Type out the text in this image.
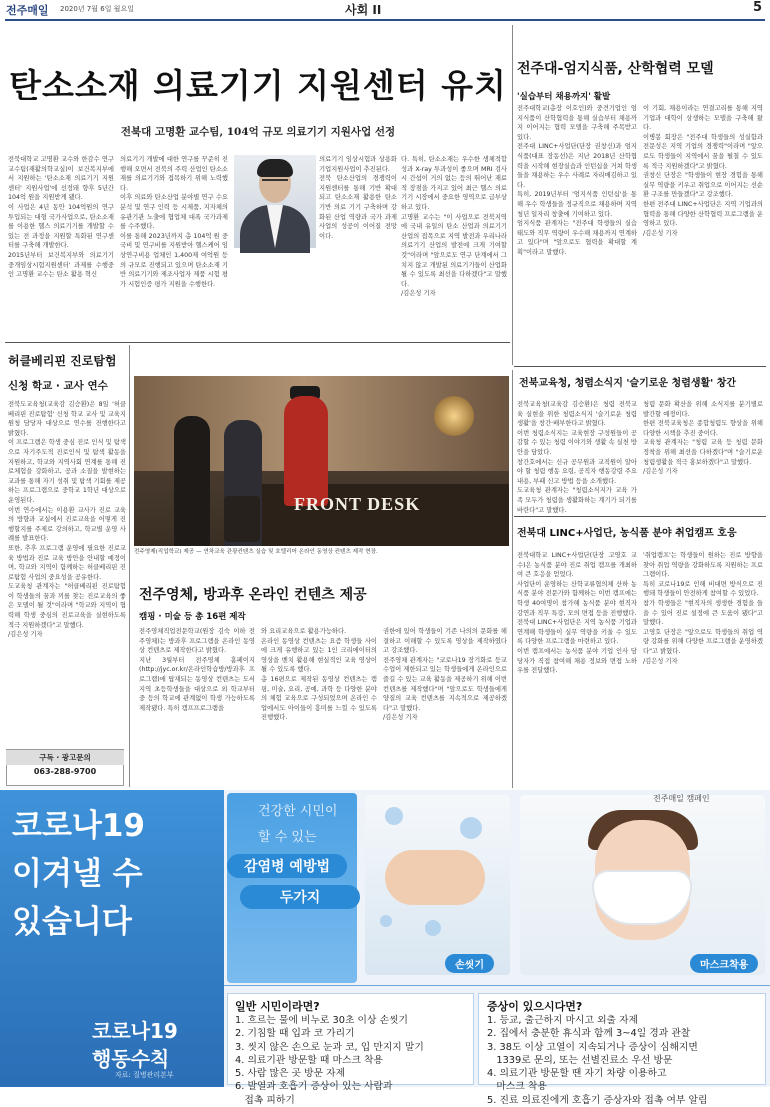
전주매일 2020년 7월 6일 월요일	사회 II	5
탄소소재 의료기기 지원센터 유치
전북대 고명환 교수팀, 104억 규모 의료기기 지원사업 선정
전북대학교 고명환 교수와 한감수 연구교수팀(재활의학교실)이 보건복지부에서 지원하는 '탄소소재 의료기기 지원센터' 지원사업'에 선정돼 향후 5년간 104억 원을 지원받게 됐다.
이 사업은 4년 동안 104억원의 연구 투입되는 대형 국가사업으로, 탄소소재를 이용한 헬스 의료기기를 개발할 수 있는 전 과정을 지원할 특화된 연구센터를 구축해 개발한다.
2015년부터 보건복지부와 의료기기 중개임상시험지원센터' 과제를 수행중인 고명환 교수는 탄소 활용 혁신
의료기기 개발에 대한 연구를 꾸준히 진행해 오면서 전북의 주력 산업인 탄소소재를 의료기기와 접목하기 위해 노력했다.
이후 의료와 탄소산업 분야별 연구 수요 분석 및 연구 인력 등 시제품, 지자체의 유관기관 노출에 협업체 대폭 국가과제를 수주했다.
이를 통해 2023년까지 총 104억 원 중 국비 및 연구비를 지원받아 헬스케어 임상연구비용 업체인 1,400제 여억원 등의 규모로 진행되고 있으며 탄소소재 기반 의료기기와 제조사업자 제품 시험 평가 시험인증 평가 지원을 수행한다.
의료기기 임상시험과 상용화 기업지원사업이 추진된다.
전북 탄소산업의 경쟁력이 지원센터를 통해 기반 확대되고 탄소소재 활용한 탄소기반 의료 기기 구축하며 강화된 산업 역량과 국가 과제 사업의 성공이 이어질 전망이다.
다. 특히, 탄소소재는 우수한 생체적합성과 X-ray 투과성이 좋으며 MRI 검사 시 간섭이 거의 없는 등의 뛰어난 재료적 장점을 가지고 있어 최근 헬스 의료기기 시장에서 중요한 영역으로 급부상하고 있다.
고명환 교수는 "이 사업으로 전북지역에 국내 유일의 탄소 산업과 의료기기 산업의 접목으로 지역 발전과 우리나라 의료기기 산업의 발전에 크게 기여할 것"이라며 "앞으로도 연구 단계에서 그치지 않고 개발된 의료기기들이 산업화 될 수 있도록 최선을 다하겠다"고 말했다.
/김은성 기자
전주대-엄지식품, 산학협력 모델
'실습부터 채용까지' 활발
전주대학교(총장 이호인)와 중견기업인 엄지식품이 산학협력을 통해 실습부터 채용까지 이어지는 협력 모델을 구축해 주목받고 있다.
전주대 LINC+사업단(단장 권창신)과 엄지식품(대표 장동선)은 지난 2018년 산학협력을 시작해 현장실습과 인턴십을 거쳐 학생들을 채용하는 우수 사례로 자리매김하고 있다.
특히, 2019년부터 '엄지식품 인턴십'을 통해 우수 학생들을 정규직으로 채용하며 지역 청년 일자리 창출에 기여하고 있다.
엄지식품 관계자는 "전주대 학생들의 실습 태도와 직무 역량이 우수해 채용까지 연계하고 있다"며 "앞으로도 협력을 확대할 계획"이라고 말했다.
이 기회, 채용이라는 연결고리를 통해 지역 기업과 대학이 상생하는 모델을 구축해 왔다.
이병봉 회장은 "전주대 학생들의 성실함과 전문성은 지역 기업의 경쟁력"이라며 "앞으로도 학생들이 지역에서 꿈을 펼칠 수 있도록 적극 지원하겠다"고 밝혔다.
권창신 단장은 "학생들이 현장 경험을 통해 실무 역량을 키우고 취업으로 이어지는 선순환 구조를 만들겠다"고 강조했다.
한편 전주대 LINC+사업단은 지역 기업과의 협력을 통해 다양한 산학협력 프로그램을 운영하고 있다.
/김은성 기자
전북교육청, 청렴소식지 '슬기로운 청렴생활' 창간
전북교육청(교육감 김승환)은 청렴 전북교육 실현을 위한 청렴소식지 '슬기로운 청렴생활'을 창간·배부한다고 밝혔다.
이번 청렴소식지는 교육현장 구성원들이 공감할 수 있는 청렴 이야기와 생활 속 실천 방안을 담았다.
창간호에서는 신규 공무원과 교직원이 알아야 할 청렴 행동 요령, 공직자 행동강령 주요 내용, 부패 신고 방법 등을 소개했다.
도교육청 관계자는 "청렴소식지가 교육 가족 모두가 청렴을 생활화하는 계기가 되기를 바란다"고 말했다.
청렴 문화 확산을 위해 소식지를 분기별로 발간할 예정이다.
한편 전북교육청은 종합청렴도 향상을 위해 다양한 시책을 추진 중이다.
교육청 관계자는 "청렴 교육 등 청렴 문화 정착을 위해 최선을 다하겠다"며 "슬기로운 청렴생활을 적극 홍보하겠다"고 말했다.
/김은성 기자
전북대 LINC+사업단, 농식품 분야 취업캠프 호응
전북대학교 LINC+사업단(단장 고영호 교수)은 농식품 분야 진로 취업 캠프를 개최하여 큰 호응을 얻었다.
사업단이 운영하는 산학교류협의체 산하 농식품 분야 전문가와 함께하는 이번 캠프에는 학생 40여명이 참가해 농식품 분야 현직자 강연과 직무 특강, 모의 면접 등을 진행했다.
전북대 LINC+사업단은 지역 농식품 기업과 연계해 학생들이 실무 역량을 키울 수 있도록 다양한 프로그램을 마련하고 있다.
이번 캠프에서는 농식품 분야 기업 인사 담당자가 직접 참여해 채용 정보와 면접 노하우를 전달했다.
'취업캠프'는 학생들이 원하는 진로 방향을 찾아 취업 역량을 강화하도록 지원하는 프로그램이다.
특히 코로나19로 인해 비대면 방식으로 진행돼 학생들이 안전하게 참여할 수 있었다.
참가 학생들은 "현직자의 생생한 경험을 들을 수 있어 진로 설정에 큰 도움이 됐다"고 말했다.
고영호 단장은 "앞으로도 학생들의 취업 역량 강화를 위해 다양한 프로그램을 운영하겠다"고 밝혔다.
/김은성 기자
허클베리핀 진로탐험
신청 학교 · 교사 연수
전북도교육청(교육감 김승환)은 8일 '허클베리핀 진로탐험' 신청 학교 교사 및 교육지원청 담당자 대상으로 연수를 진행한다고 밝혔다.
이 프로그램은 학생 중심 진로 인식 및 탐색으로 자기주도적 진로인식 및 탐색 활동을 지원하고, 학교와 지역사회 연계를 통해 진로체험을 강화하고, 공과 소질을 발현하는 교과를 통해 자기 성취 및 탐색 기회를 제공하는 프로그램으로 중학교 1학년 대상으로 운영된다.
이번 연수에서는 이용환 교사가 진로 교육의 방향과 교실에서 진로교육을 어떻게 진행할지를 주제로 강의하고, 학교별 운영 사례를 발표한다.
또한, 추후 프로그램 운영에 필요한 진로교육 방법과 진로 교육 방안을 안내할 예정이며, 학교와 지역이 함께하는 허클베리핀 진로탐험 사업의 중요성을 공유한다.
도교육청 관계자는 "허클베리핀 진로탐험이 학생들의 꿈과 끼를 찾는 진로교육의 좋은 모델이 될 것"이라며 "학교와 지역이 협력해 학생 중심의 진로교육을 실현하도록 적극 지원하겠다"고 말했다.
/김은성 기자
FRONT DESK
전주영제(직업학교) 제공 — 연차교육 관광컨텐츠 실습 및 호텔리어 온라인 동영상 컨텐츠 제작 현장.
전주영체, 방과후 온라인 컨텐츠 제공
캠핑 · 미술 등 총 16편 제작
전주영체직업전문학교(원장 김숙 이하 전주영체)는 방과후 프로그램을 온라인 동영상 컨텐츠로 제작한다고 밝혔다.
지난 3월부터 전주영체 홈페이지(http://jyc.or.kr/온라인학습방/방과후 프로그램)에 탑재되는 동영상 컨텐츠는 도서 지역 초등학생들을 대상으로 외 학교부터 중 등의 학교에 관계없이 학생 가능하도록 제작됐다. 특히 캠프프로그램을
와 요리교육으로 활용가능하다.
온라인 동영상 컨텐츠는 요즘 학생들 사이에 크게 유행하고 있는 1인 크리에이터의 영상을 벤치 활용해 현실적인 교육 영상이 될 수 있도록 했다.
총 16편으로 제작된 동영상 컨텐츠는 캠핑, 미술, 요리, 공예, 과학 등 다양한 분야의 체험 교육으로 구성되었으며 온라인 수업에서도 아이들이 흥미를 느낄 수 있도록 진행했다.
권한에 있어 학생들이 기존 나의의 문화를 해결하고 이해할 수 있도록 영상을 제작하였다고 강조했다.
전주영체 관계자는 "코로나19 장기화로 등교 수업이 제한되고 있는 학생들에게 온라인으로 즐길 수 있는 교육 활동을 제공하기 위해 이번 컨텐츠를 제작했다"며 "앞으로도 학생들에게 양질의 교육 컨텐츠를 지속적으로 제공하겠다"고 말했다.
/김은성 기자
구독 · 광고문의
063-288-9700
코로나19
이겨낼 수
있습니다
코로나19
행동수칙
자료: 질병관리본부
건강한 시민이
할 수 있는
감염병 예방법
두가지
전주매일 캠페인
손씻기	마스크착용
일반 시민이라면?	증상이 있으시다면?
1. 흐르는 물에 비누로 30초 이상 손씻기
2. 기침할 때 입과 코 가리기
3. 씻지 않은 손으로 눈과 코, 입 만지지 말기
4. 의료기관 방문할 때 마스크 착용
5. 사람 많은 곳 방문 자제
6. 발열과 호흡기 증상이 있는 사람과
접촉 피하기
1. 등교, 출근하지 마시고 외출 자제
2. 집에서 충분한 휴식과 함께 3~4일 경과 관찰
3. 38도 이상 고열이 지속되거나 증상이 심해지면
1339로 문의, 또는 선별진료소 우선 방문
4. 의료기관 방문할 땐 자기 차량 이용하고
마스크 착용
5. 진료 의료진에게 호흡기 증상자와 접촉 여부 알림
